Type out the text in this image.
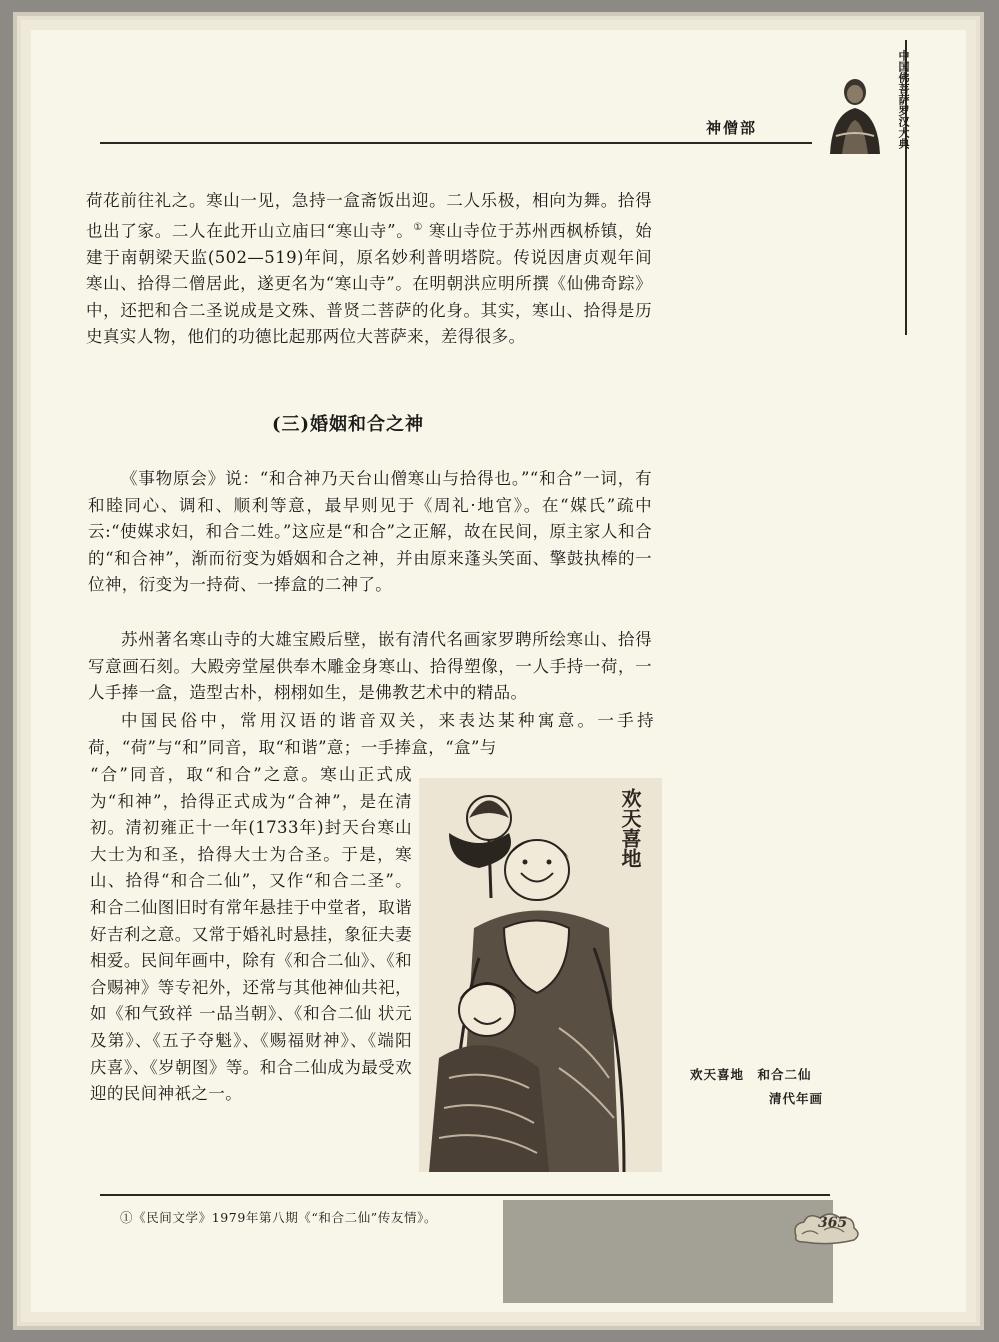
神僧部	中国佛菩萨罗汉大典
荷花前往礼之。寒山一见，急持一盒斋饭出迎。二人乐极，相向为舞。拾得也出了家。二人在此开山立庙曰“寒山寺”。① 寒山寺位于苏州西枫桥镇，始建于南朝梁天监(502—519)年间，原名妙利普明塔院。传说因唐贞观年间寒山、拾得二僧居此，遂更名为“寒山寺”。在明朝洪应明所撰《仙佛奇踪》中，还把和合二圣说成是文殊、普贤二菩萨的化身。其实，寒山、拾得是历史真实人物，他们的功德比起那两位大菩萨来，差得很多。
(三)婚姻和合之神
《事物原会》说：“和合神乃天台山僧寒山与拾得也。”“和合”一词，有和睦同心、调和、顺利等意，最早则见于《周礼·地官》。在“媒氏”疏中云:“使媒求妇，和合二姓。”这应是“和合”之正解，故在民间，原主家人和合的“和合神”，渐而衍变为婚姻和合之神，并由原来蓬头笑面、擎鼓执棒的一位神，衍变为一持荷、一捧盒的二神了。
苏州著名寒山寺的大雄宝殿后壁，嵌有清代名画家罗聘所绘寒山、拾得写意画石刻。大殿旁堂屋供奉木雕金身寒山、拾得塑像，一人手持一荷，一人手捧一盒，造型古朴，栩栩如生，是佛教艺术中的精品。
中国民俗中，常用汉语的谐音双关，来表达某种寓意。一手持荷，“荷”与“和”同音，取“和谐”意；一手捧盒，“盒”与
“合”同音，取“和合”之意。寒山正式成为“和神”，拾得正式成为“合神”，是在清初。清初雍正十一年(1733年)封天台寒山大士为和圣，拾得大士为合圣。于是，寒山、拾得“和合二仙”，又作“和合二圣”。和合二仙图旧时有常年悬挂于中堂者，取谐好吉利之意。又常于婚礼时悬挂，象征夫妻相爱。民间年画中，除有《和合二仙》、《和合赐神》等专祀外，还常与其他神仙共祀，如《和气致祥 一品当朝》、《和合二仙 状元及第》、《五子夺魁》、《赐福财神》、《端阳庆喜》、《岁朝图》等。和合二仙成为最受欢迎的民间神祇之一。
欢天喜地
欢天喜地　和合二仙
清代年画
①《民间文学》1979年第八期《“和合二仙”传友情》。	365
